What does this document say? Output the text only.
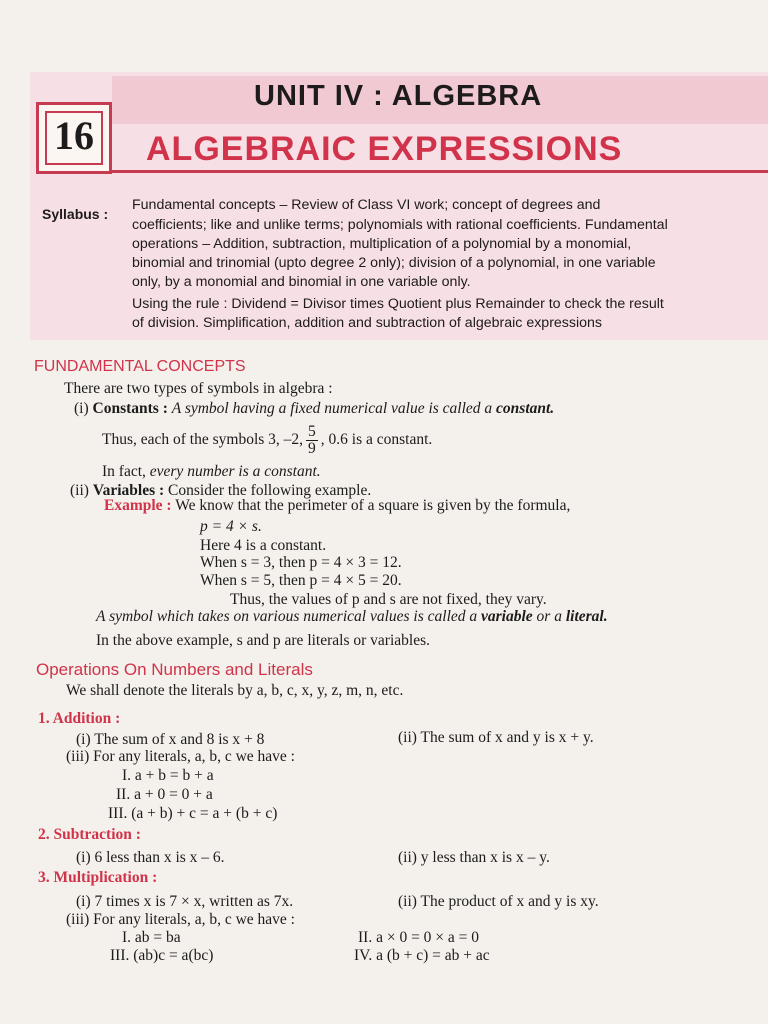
16
UNIT IV : ALGEBRA
ALGEBRAIC EXPRESSIONS
Syllabus :
Fundamental concepts – Review of Class VI work; concept of degrees and
coefficients; like and unlike terms; polynomials with rational coefficients. Fundamental
operations – Addition, subtraction, multiplication of a polynomial by a monomial,
binomial and trinomial (upto degree 2 only); division of a polynomial, in one variable
only, by a monomial and binomial in one variable only.
Using the rule : Dividend = Divisor times Quotient plus Remainder to check the result
of division. Simplification, addition and subtraction of algebraic expressions
FUNDAMENTAL CONCEPTS
There are two types of symbols in algebra :
(i) Constants : A symbol having a fixed numerical value is called a constant.
Thus, each of the symbols 3, –2, $\frac{5}{9}$ , 0.6 is a constant.
In fact, every number is a constant.
(ii) Variables : Consider the following example.
Example : We know that the perimeter of a square is given by the formula,
p = 4 × s.
Here 4 is a constant.
When s = 3, then p = 4 × 3 = 12.
When s = 5, then p = 4 × 5 = 20.
Thus, the values of p and s are not fixed, they vary.
A symbol which takes on various numerical values is called a variable or a literal.
In the above example, s and p are literals or variables.
Operations On Numbers and Literals
We shall denote the literals by a, b, c, x, y, z, m, n, etc.
1. Addition :
(i) The sum of x and 8 is x + 8	(ii) The sum of x and y is x + y.
(iii) For any literals, a, b, c we have :
I. a + b = b + a
II. a + 0 = 0 + a
III. (a + b) + c = a + (b + c)
2. Subtraction :
(i) 6 less than x is x – 6.	(ii) y less than x is x – y.
3. Multiplication :
(i) 7 times x is 7 × x, written as 7x.	(ii) The product of x and y is xy.
(iii) For any literals, a, b, c we have :
I. ab = ba	II. a × 0 = 0 × a = 0
III. (ab)c = a(bc)	IV. a (b + c) = ab + ac
